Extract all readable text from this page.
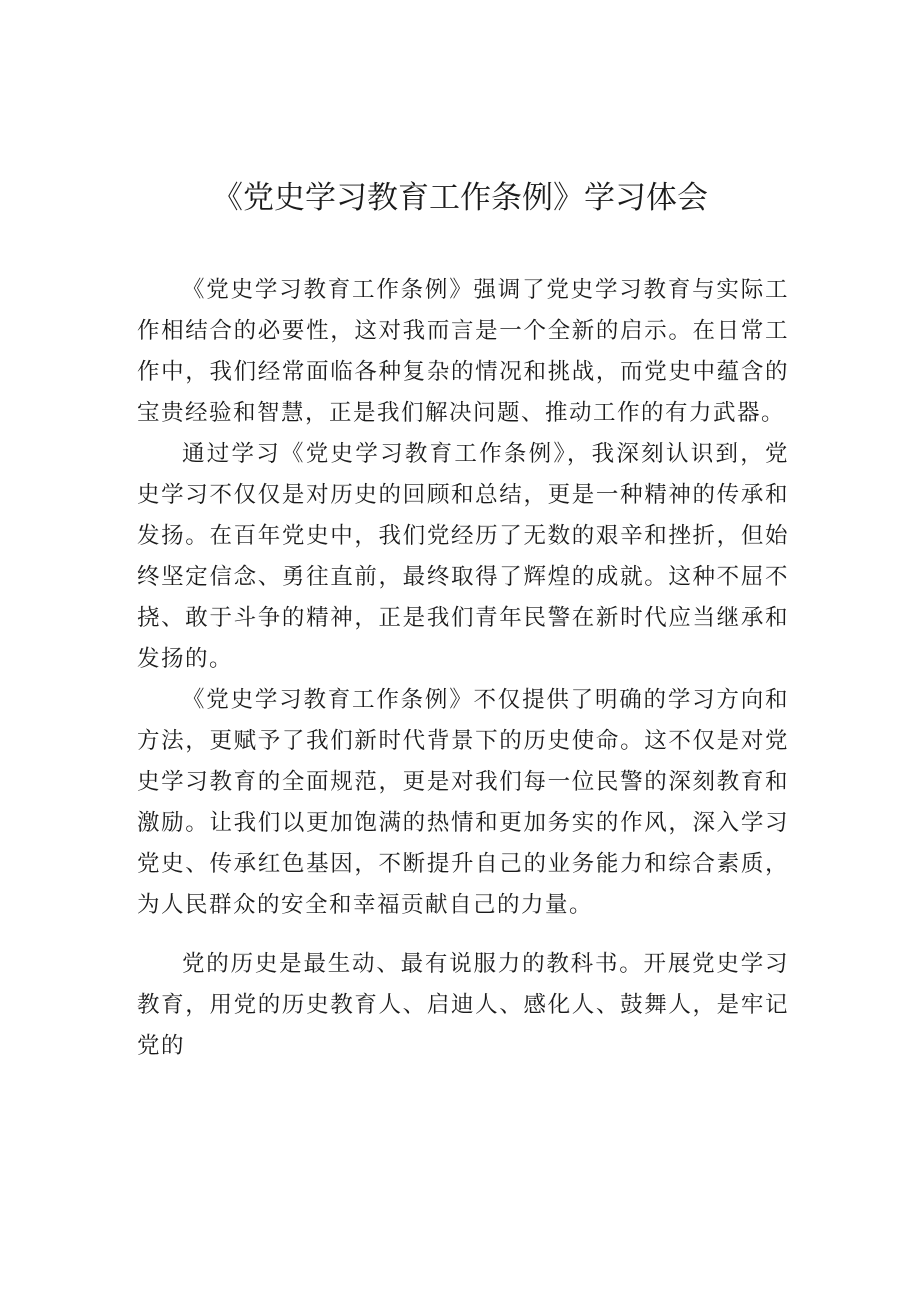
《党史学习教育工作条例》学习体会

《党史学习教育工作条例》强调了党史学习教育与实际工作相结合的必要性，这对我而言是一个全新的启示。在日常工作中，我们经常面临各种复杂的情况和挑战，而党史中蕴含的宝贵经验和智慧，正是我们解决问题、推动工作的有力武器。

通过学习《党史学习教育工作条例》，我深刻认识到，党史学习不仅仅是对历史的回顾和总结，更是一种精神的传承和发扬。在百年党史中，我们党经历了无数的艰辛和挫折，但始终坚定信念、勇往直前，最终取得了辉煌的成就。这种不屈不挠、敢于斗争的精神，正是我们青年民警在新时代应当继承和发扬的。

《党史学习教育工作条例》不仅提供了明确的学习方向和方法，更赋予了我们新时代背景下的历史使命。这不仅是对党史学习教育的全面规范，更是对我们每一位民警的深刻教育和激励。让我们以更加饱满的热情和更加务实的作风，深入学习党史、传承红色基因，不断提升自己的业务能力和综合素质，为人民群众的安全和幸福贡献自己的力量。

党的历史是最生动、最有说服力的教科书。开展党史学习教育，用党的历史教育人、启迪人、感化人、鼓舞人，是牢记党的
